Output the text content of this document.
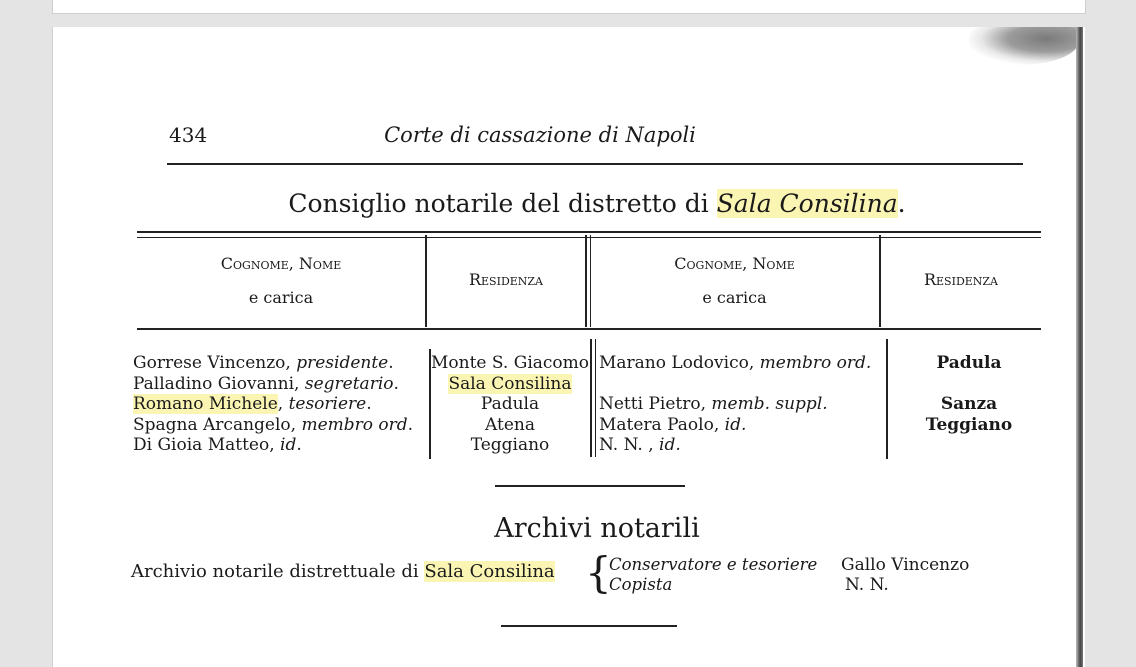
434	Corte di cassazione di Napoli
Consiglio notarile del distretto di Sala Consilina.
Cognome, Nome
e carica
Residenza
Cognome, Nome
e carica
Residenza
Gorrese Vincenzo, presidente.
Palladino Giovanni, segretario.
Romano Michele, tesoriere.
Spagna Arcangelo, membro ord.
Di Gioia Matteo, id.
Monte S. Giacomo
Sala Consilina
Padula
Atena
Teggiano
Marano Lodovico, membro ord.
Netti Pietro, memb. suppl.
Matera Paolo, id.
N. N. , id.
Padula
Sanza
Teggiano
Archivi notarili
Archivio notarile distrettuale di Sala Consilina {
Conservatore e tesoriere
Copista
Gallo Vincenzo
N. N.
